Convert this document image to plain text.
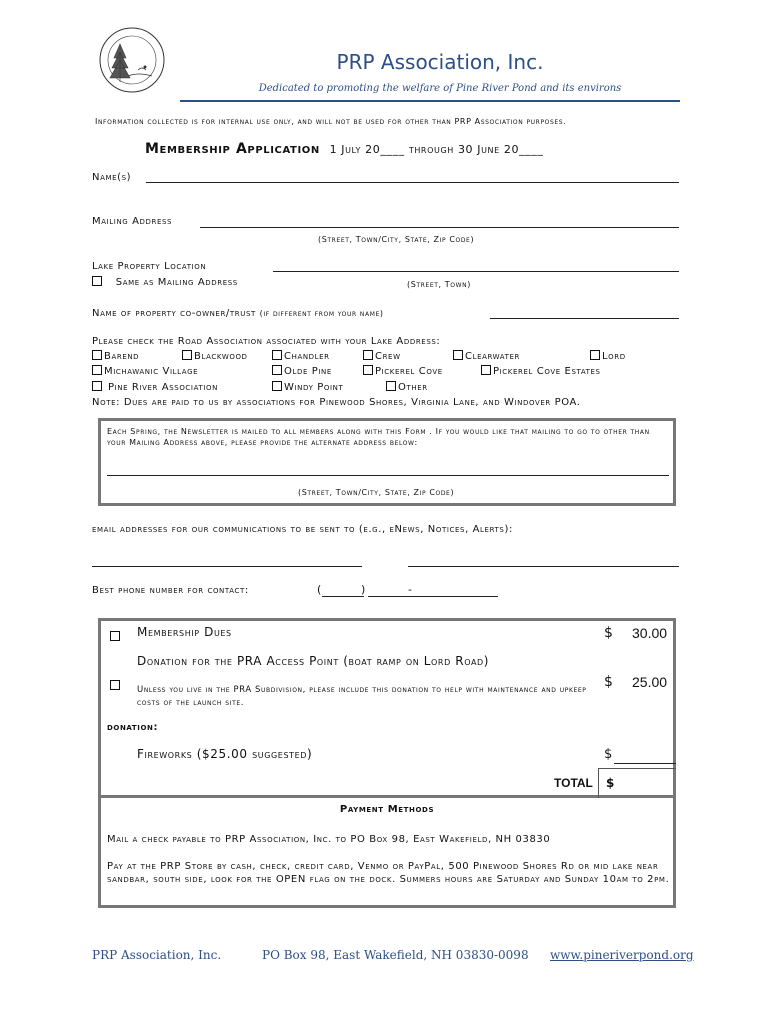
PRP Association, Inc.
Dedicated to promoting the welfare of Pine River Pond and its environs
Information collected is for internal use only, and will not be used for other than PRP Association purposes.
Membership Application 1 July 20____ through 30 June 20____
Name(s)
Mailing Address
(Street, Town/City, State, Zip Code)
Lake Property Location
Same as Mailing Address	(Street, Town)
Name of property co-owner/trust (if different from your name)
Please check the Road Association associated with your Lake Address:
Barend	Blackwood	Chandler	Crew	Clearwater	Lord
Michawanic Village	Olde Pine	Pickerel Cove	Pickerel Cove Estates
Pine River Association	Windy Point	Other
Note: Dues are paid to us by associations for Pinewood Shores, Virginia Lane, and Windover POA.
Each Spring, the Newsletter is mailed to all members along with this Form . If you would like that mailing to go to other than your Mailing Address above, please provide the alternate address below:
(Street, Town/City, State, Zip Code)
email addresses for our communications to be sent to (e.g., eNews, Notices, Alerts):
Best phone number for contact:	(	)	-
Membership Dues	$ 30.00
Donation for the PRA Access Point (boat ramp on Lord Road)
Unless you live in the PRA Subdivision, please include this donation to help with maintenance and upkeep costs of the launch site.
$ 25.00
donation:
Fireworks ($25.00 suggested)	$
TOTAL $
Payment Methods
Mail a check payable to PRP Association, Inc. to PO Box 98, East Wakefield, NH 03830
Pay at the PRP Store by cash, check, credit card, Venmo or PayPal, 500 Pinewood Shores Rd or mid lake near sandbar, south side, look for the OPEN flag on the dock. Summers hours are Saturday and Sunday 10am to 2pm.
PRP Association, Inc.	PO Box 98, East Wakefield, NH 03830-0098 www.pineriverpond.org
